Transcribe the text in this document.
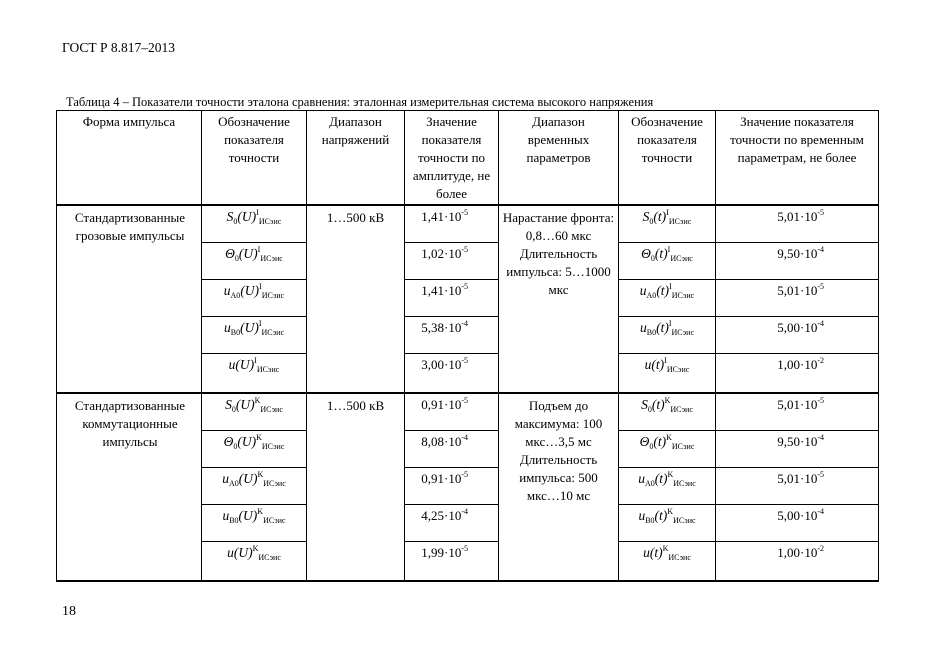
ГОСТ Р 8.817–2013
Таблица 4 – Показатели точности эталона сравнения: эталонная измерительная система высокого напряжения
Форма импульса	Обозначение показателя точности	Диапазон напряжений	Значение показателя точности по амплитуде, не более	Диапазон временных параметров	Обозначение показателя точности	Значение показателя точности по временным параметрам, не более
Стандартизованные грозовые импульсы	$S_0(U)^I_{ИСэис}$	1…500 кВ	$1,41\cdot 10^{-5}$	Нарастание фронта: 0,8…60 мкс Длительность импульса: 5…1000 мкс	$S_0(t)^I_{ИСэис}$	$5,01\cdot 10^{-5}$
	$\Theta_0(U)^I_{ИСэис}$		$1,02\cdot 10^{-5}$		$\Theta_0(t)^I_{ИСэис}$	$9,50\cdot 10^{-4}$
	$u_{A0}(U)^I_{ИСэис}$		$1,41\cdot 10^{-5}$		$u_{A0}(t)^I_{ИСэис}$	$5,01\cdot 10^{-5}$
	$u_{B0}(U)^I_{ИСэис}$		$5,38\cdot 10^{-4}$		$u_{B0}(t)^I_{ИСэис}$	$5,00\cdot 10^{-4}$
	$u(U)^I_{ИСэис}$		$3,00\cdot 10^{-5}$		$u(t)^I_{ИСэис}$	$1,00\cdot 10^{-2}$
Стандартизованные коммутационные импульсы	$S_0(U)^K_{ИСэис}$	1…500 кВ	$0,91\cdot 10^{-5}$	Подъем до максимума: 100 мкс…3,5 мс Длительность импульса: 500 мкс…10 мс	$S_0(t)^K_{ИСэис}$	$5,01\cdot 10^{-5}$
	$\Theta_0(U)^K_{ИСэис}$		$8,08\cdot 10^{-4}$		$\Theta_0(t)^K_{ИСэис}$	$9,50\cdot 10^{-4}$
	$u_{A0}(U)^K_{ИСэис}$		$0,91\cdot 10^{-5}$		$u_{A0}(t)^K_{ИСэис}$	$5,01\cdot 10^{-5}$
	$u_{B0}(U)^K_{ИСэис}$		$4,25\cdot 10^{-4}$		$u_{B0}(t)^K_{ИСэис}$	$5,00\cdot 10^{-4}$
	$u(U)^K_{ИСэис}$		$1,99\cdot 10^{-5}$		$u(t)^K_{ИСэис}$	$1,00\cdot 10^{-2}$
18
